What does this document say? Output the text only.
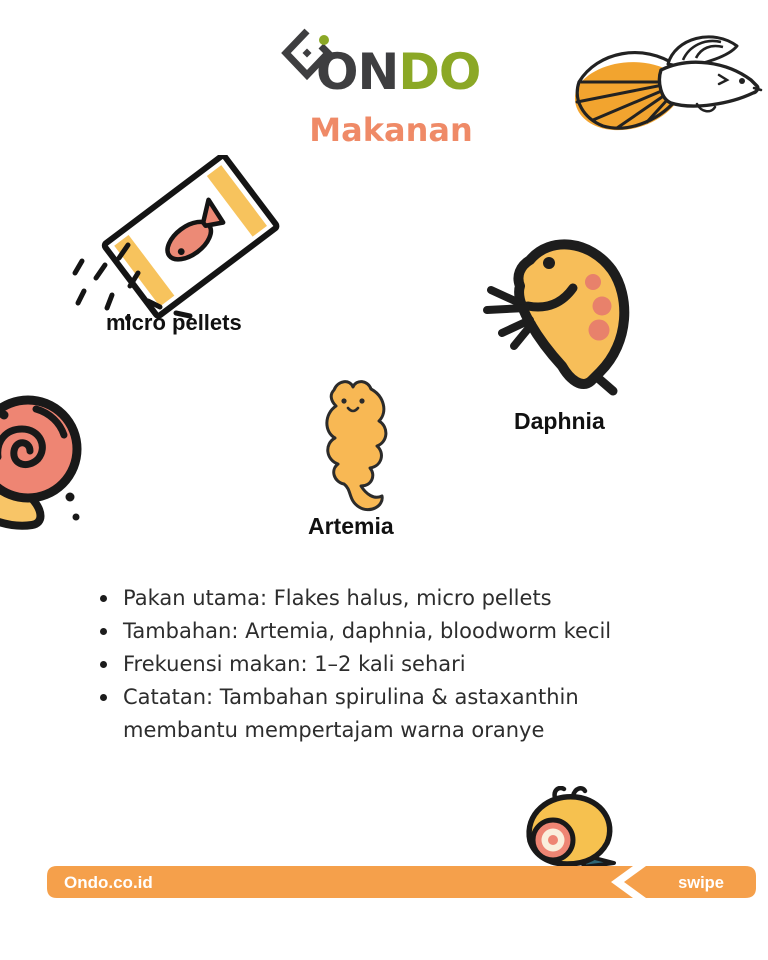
ONDO
Makanan
micro pellets
Daphnia
Artemia
Pakan utama: Flakes halus, micro pellets
Tambahan: Artemia, daphnia, bloodworm kecil
Frekuensi makan: 1–2 kali sehari
Catatan: Tambahan spirulina & astaxanthin membantu mempertajam warna oranye
Ondo.co.id	swipe
